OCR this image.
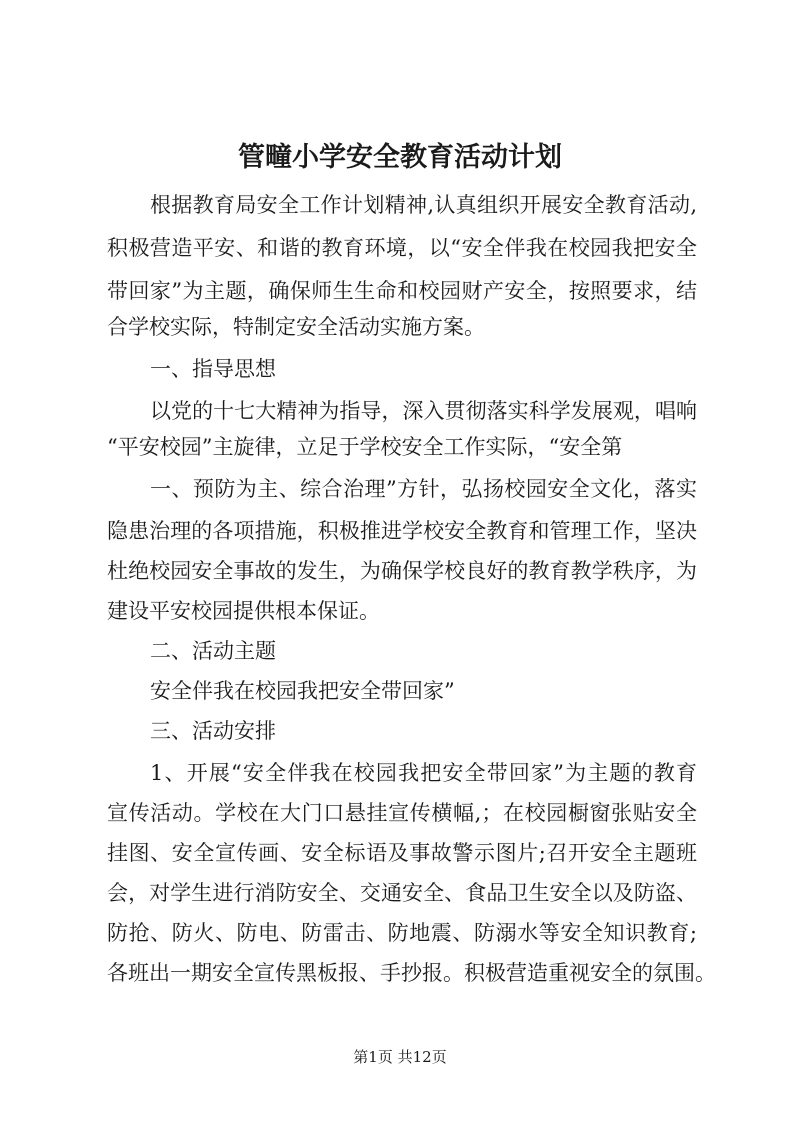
管疃小学安全教育活动计划
根据教育局安全工作计划精神,认真组织开展安全教育活动,
积极营造平安、和谐的教育环境，以“安全伴我在校园我把安全
带回家”为主题，确保师生生命和校园财产安全，按照要求，结
合学校实际，特制定安全活动实施方案。
一、指导思想
以党的十七大精神为指导，深入贯彻落实科学发展观，唱响
“平安校园”主旋律，立足于学校安全工作实际，“安全第
一、预防为主、综合治理”方针，弘扬校园安全文化，落实
隐患治理的各项措施，积极推进学校安全教育和管理工作，坚决
杜绝校园安全事故的发生，为确保学校良好的教育教学秩序，为
建设平安校园提供根本保证。
二、活动主题
安全伴我在校园我把安全带回家”
三、活动安排
1、开展“安全伴我在校园我把安全带回家”为主题的教育
宣传活动。学校在大门口悬挂宣传横幅,；在校园橱窗张贴安全
挂图、安全宣传画、安全标语及事故警示图片;召开安全主题班
会，对学生进行消防安全、交通安全、食品卫生安全以及防盗、
防抢、防火、防电、防雷击、防地震、防溺水等安全知识教育;
各班出一期安全宣传黑板报、手抄报。积极营造重视安全的氛围。
第1页 共12页
